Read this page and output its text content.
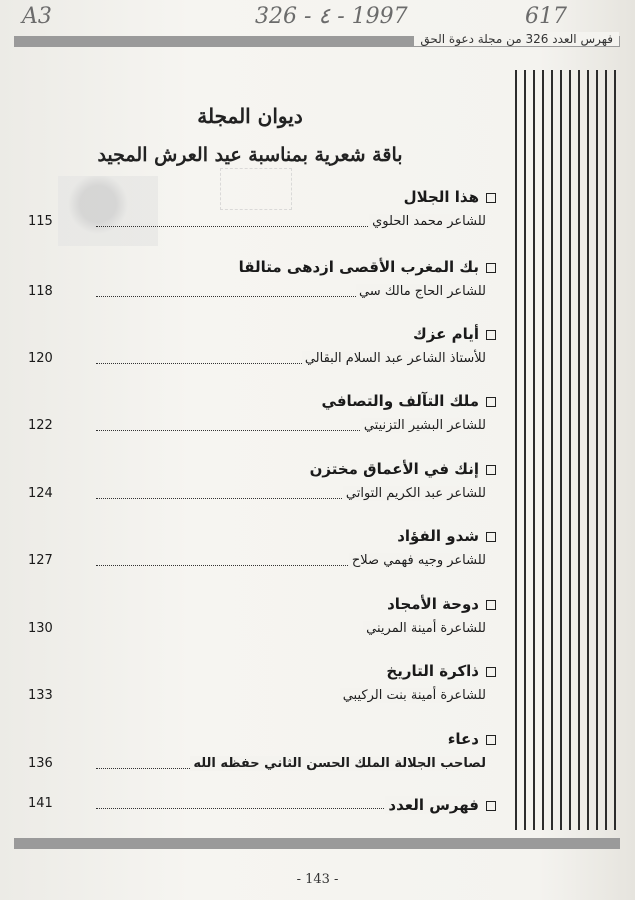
A3	326 - ٤ - 1997	617
فهرس العدد 326 من مجلة دعوة الحق
ديوان المجلة
باقة شعرية بمناسبة عيد العرش المجيد
هذا الجلال
115	للشاعر محمد الحلوي
بك المغرب الأقصى ازدهى متالقا
118	للشاعر الحاج مالك سي
أيام عزك
120	للأستاذ الشاعر عبد السلام البقالي
ملك التآلف والتصافي
122	للشاعر البشير التزنيتي
إنك في الأعماق مختزن
124	للشاعر عبد الكريم التواتي
شدو الفؤاد
127	للشاعر وجيه فهمي صلاح
دوحة الأمجاد
130	للشاعرة أمينة المريني
ذاكرة التاريخ
133	للشاعرة أمينة بنت الركيبي
دعاء
136	لصاحب الجلالة الملك الحسن الثاني حفظه الله
141	فهرس العدد
- 143 -
